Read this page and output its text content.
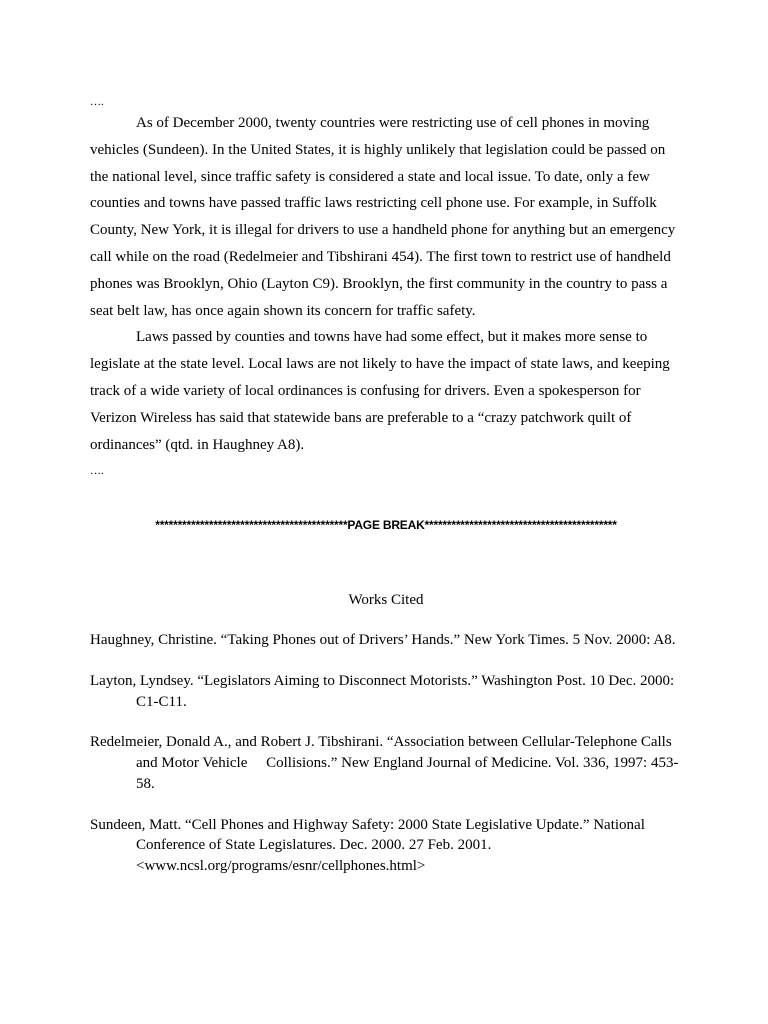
….

As of December 2000, twenty countries were restricting use of cell phones in moving vehicles (Sundeen). In the United States, it is highly unlikely that legislation could be passed on the national level, since traffic safety is considered a state and local issue. To date, only a few counties and towns have passed traffic laws restricting cell phone use. For example, in Suffolk County, New York, it is illegal for drivers to use a handheld phone for anything but an emergency call while on the road (Redelmeier and Tibshirani 454). The first town to restrict use of handheld phones was Brooklyn, Ohio (Layton C9). Brooklyn, the first community in the country to pass a seat belt law, has once again shown its concern for traffic safety.

Laws passed by counties and towns have had some effect, but it makes more sense to legislate at the state level. Local laws are not likely to have the impact of state laws, and keeping track of a wide variety of local ordinances is confusing for drivers. Even a spokesperson for Verizon Wireless has said that statewide bans are preferable to a “crazy patchwork quilt of ordinances” (qtd. in Haughney A8).

….

*******************************************PAGE BREAK*******************************************
Works Cited

Haughney, Christine. “Taking Phones out of Drivers’ Hands.” New York Times. 5 Nov. 2000: A8.

Layton, Lyndsey. “Legislators Aiming to Disconnect Motorists.” Washington Post. 10 Dec. 2000: C1-C11.

Redelmeier, Donald A., and Robert J. Tibshirani. “Association between Cellular-Telephone Calls and Motor Vehicle     Collisions.” New England Journal of Medicine. Vol. 336, 1997: 453-58.

Sundeen, Matt. “Cell Phones and Highway Safety: 2000 State Legislative Update.” National Conference of State Legislatures. Dec. 2000. 27 Feb. 2001. <www.ncsl.org/programs/esnr/cellphones.html>
